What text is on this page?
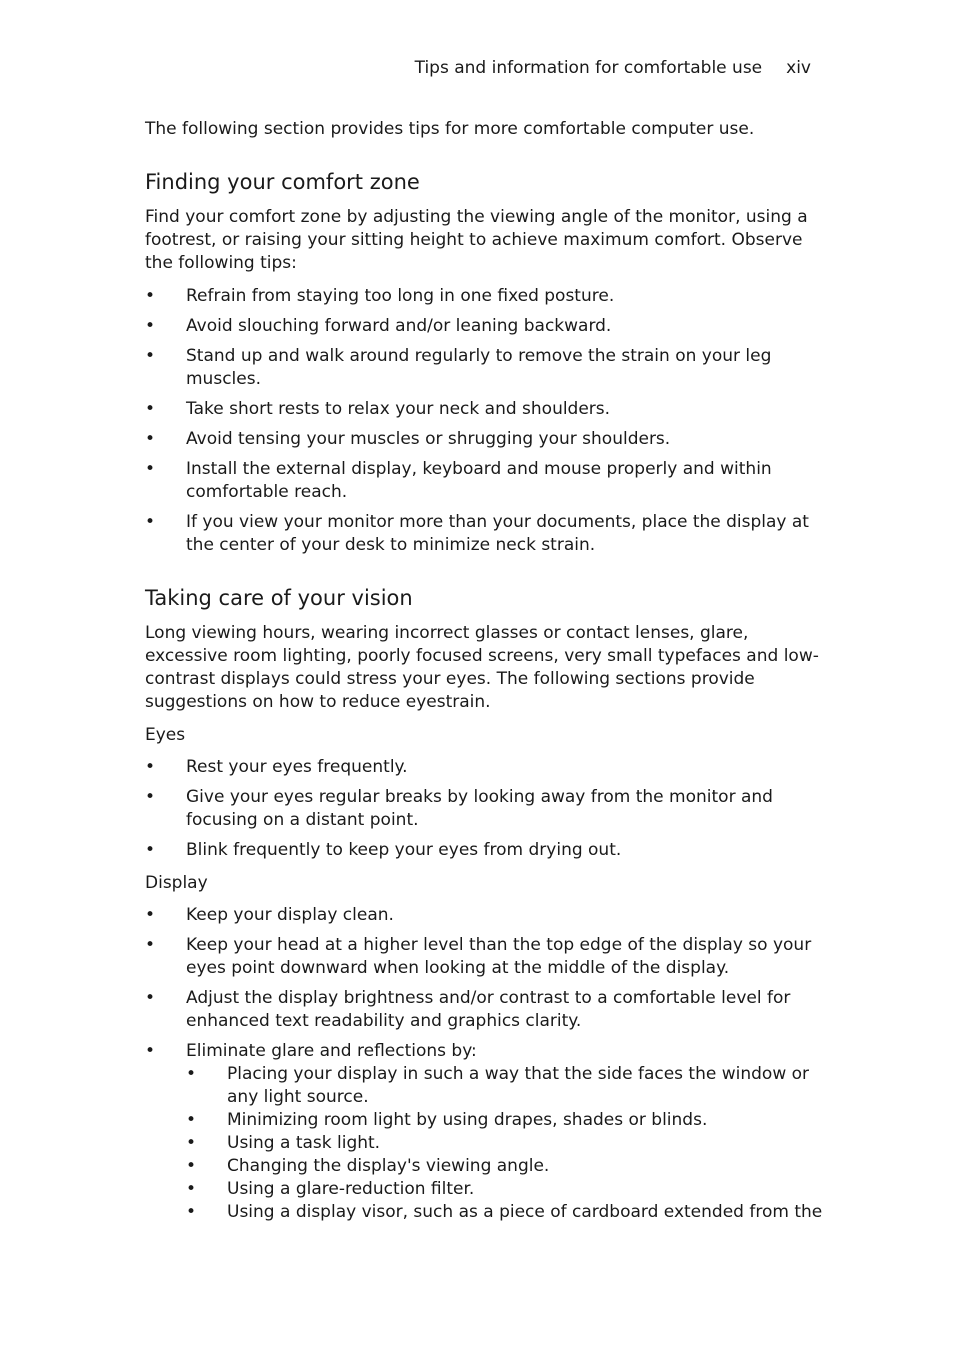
Tips and information for comfortable use xiv

The following section provides tips for more comfortable computer use.

Finding your comfort zone

Find your comfort zone by adjusting the viewing angle of the monitor, using a footrest, or raising your sitting height to achieve maximum comfort. Observe the following tips:

• Refrain from staying too long in one fixed posture.
• Avoid slouching forward and/or leaning backward.
• Stand up and walk around regularly to remove the strain on your leg muscles.
• Take short rests to relax your neck and shoulders.
• Avoid tensing your muscles or shrugging your shoulders.
• Install the external display, keyboard and mouse properly and within comfortable reach.
• If you view your monitor more than your documents, place the display at the center of your desk to minimize neck strain.
Taking care of your vision

Long viewing hours, wearing incorrect glasses or contact lenses, glare, excessive room lighting, poorly focused screens, very small typefaces and low-contrast displays could stress your eyes. The following sections provide suggestions on how to reduce eyestrain.

Eyes

• Rest your eyes frequently.
• Give your eyes regular breaks by looking away from the monitor and focusing on a distant point.
• Blink frequently to keep your eyes from drying out.

Display

• Keep your display clean.
• Keep your head at a higher level than the top edge of the display so your eyes point downward when looking at the middle of the display.
• Adjust the display brightness and/or contrast to a comfortable level for enhanced text readability and graphics clarity.
• Eliminate glare and reflections by:
• Placing your display in such a way that the side faces the window or any light source.
• Minimizing room light by using drapes, shades or blinds.
• Using a task light.
• Changing the display's viewing angle.
• Using a glare-reduction filter.
• Using a display visor, such as a piece of cardboard extended from the
